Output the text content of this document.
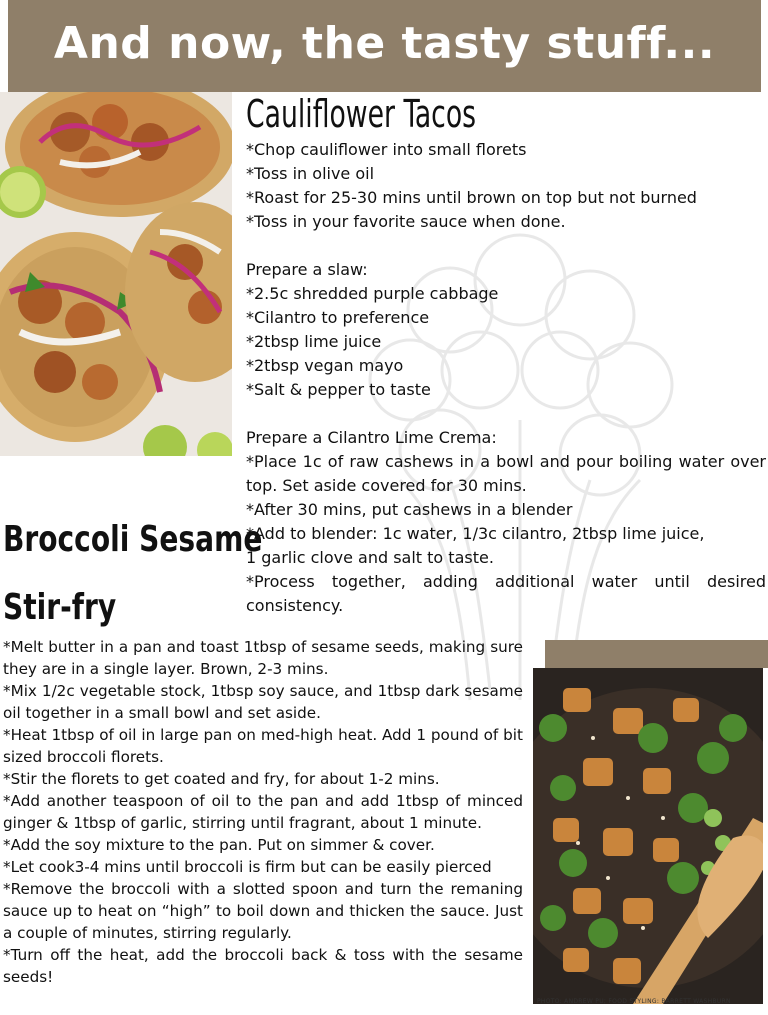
And now, the tasty stuff...
Cauliflower Tacos

*Chop cauliflower into small florets

*Toss in olive oil

*Roast for 25-30 mins until brown on top but not burned

*Toss in your favorite sauce when done.

Prepare a slaw:

*2.5c shredded purple cabbage

*Cilantro to preference

*2tbsp lime juice

*2tbsp vegan mayo

*Salt & pepper to taste

Prepare a Cilantro Lime Crema:

*Place 1c of raw cashews in a bowl and pour boiling water over top. Set aside covered for 30 mins.

*After 30 mins, put cashews in a blender

*Add to blender: 1c water, 1/3c cilantro, 2tbsp lime juice,

1 garlic clove and salt to taste.

*Process together, adding additional water until desired consistency.

Broccoli Sesame
Stir-fry

*Melt butter in a pan and toast 1tbsp of sesame seeds, making sure they are in a single layer. Brown, 2-3 mins.

*Mix 1/2c vegetable stock, 1tbsp soy sauce, and 1tbsp dark sesame oil together in a small bowl and set aside.

*Heat 1tbsp of oil in large pan on med-high heat. Add 1 pound of bit sized broccoli florets.

*Stir the florets to get coated and fry, for about 1-2 mins.

*Add another teaspoon of oil to the pan and add 1tbsp of minced ginger & 1tbsp of garlic, stirring until fragrant, about 1 minute.

*Add the soy mixture to the pan. Put on simmer & cover.

*Let cook3-4 mins until broccoli is firm but can be easily pierced

*Remove the broccoli with a slotted spoon and turn the remaning sauce up to heat on “high” to boil down and thicken the sauce. Just a couple of minutes, stirring regularly.

*Turn off the heat, add the broccoli back & toss with the sesame seeds!

PHOTO: ANDREW PU; FOOD STYLING: BARRETT WASHBURN
